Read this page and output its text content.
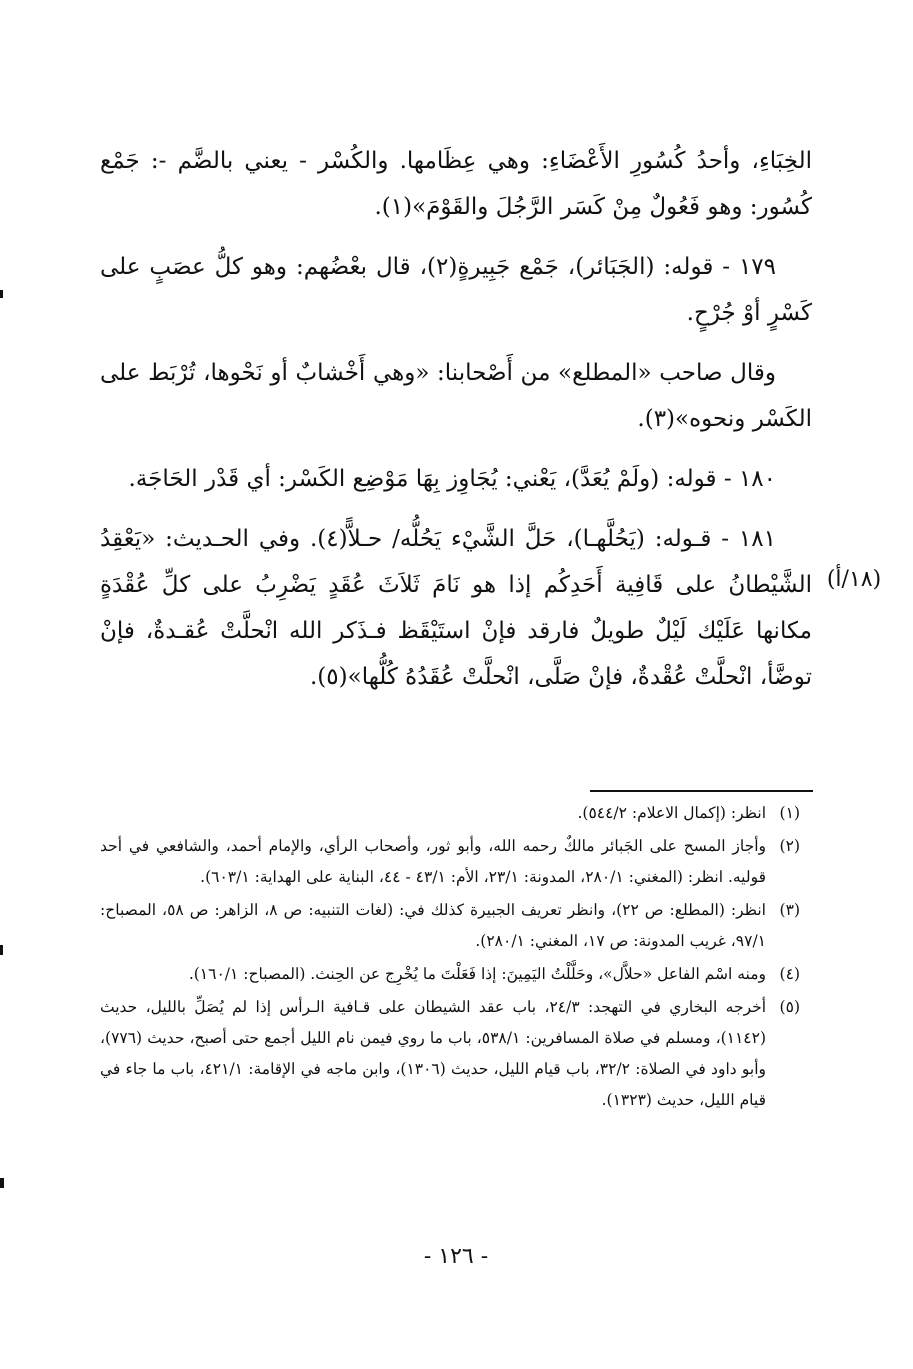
الخِبَاءِ، وأحدُ كُسُورِ الأَعْضَاءِ: وهي عِظَامها. والكُسْر - يعني بالضَّم -: جَمْع كُسُور: وهو فَعُولٌ مِنْ كَسَر الرَّجُلَ والقَوْمَ»(١).

١٧٩ - قوله: (الجَبَائر)، جَمْع جَبِيرةٍ(٢)، قال بعْضُهم: وهو كلُّ عصَبٍ على كَسْرٍ أوْ جُرْحٍ.

وقال صاحب «المطلع» من أَصْحابنا: «وهي أَخْشابٌ أو نَحْوها، تُرْبَط على الكَسْر ونحوه»(٣).

١٨٠ - قوله: (ولَمْ يُعَدَّ)، يَعْني: يُجَاوِز بِهَا مَوْضِع الكَسْر: أي قَدْر الحَاجَة.

١٨١ - قـوله: (يَحُلَّهـا)، حَلَّ الشَّيْء يَحُلُّه/ حـلاًّ(٤). وفي الحـديث: «يَعْقِدُ الشَّيْطانُ على قَافِية أَحَدِكُم إذا هو نَامَ ثَلاَثَ عُقَدٍ يَضْرِبُ على كلِّ عُقْدَةٍ مكانها عَلَيْك لَيْلٌ طويلٌ فارقد فإنْ استَيْقَظ فـذَكر الله انْحلَّتْ عُقـدةٌ، فإنْ توضَّأ، انْحلَّتْ عُقْدةٌ، فإنْ صَلَّى، انْحلَّتْ عُقَدُهُ كُلُّها»(٥).

(١٨/أ)
(١)
انظر: (إكمال الاعلام: ٥٤٤/٢).
(٢)
وأجاز المسح على الجَبائر مالكٌ رحمه الله، وأبو ثور، وأصحاب الرأي، والإمام أحمد، والشافعي في أحد قوليه. انظر: (المغني: ٢٨٠/١، المدونة: ٢٣/١، الأم: ٤٣/١ - ٤٤، البناية على الهداية: ٦٠٣/١).
(٣)
انظر: (المطلع: ص ٢٢)، وانظر تعريف الجبيرة كذلك في: (لغات التنبيه: ص ٨، الزاهر: ص ٥٨، المصباح: ٩٧/١، غريب المدونة: ص ١٧، المغني: ٢٨٠/١).
(٤)
ومنه اسْم الفاعل «حلاَّل»، وحَلَّلْتُ اليَمِينَ: إذا فَعَلْتَ ما يُخْرِج عن الحِنث. (المصباح: ١٦٠/١).
(٥)
أخرجه البخاري في التهجد: ٢٤/٣، باب عقد الشيطان على قـافية الـرأس إذا لم يُصَلِّ بالليل، حديث (١١٤٢)، ومسلم في صلاة المسافرين: ٥٣٨/١، باب ما روي فيمن نام الليل أجمع حتى أصبح، حديث (٧٧٦)، وأبو داود في الصلاة: ٣٢/٢، باب قيام الليل، حديث (١٣٠٦)، وابن ماجه في الإقامة: ٤٢١/١، باب ما جاء في قيام الليل، حديث (١٣٢٣).
- ١٢٦ -
